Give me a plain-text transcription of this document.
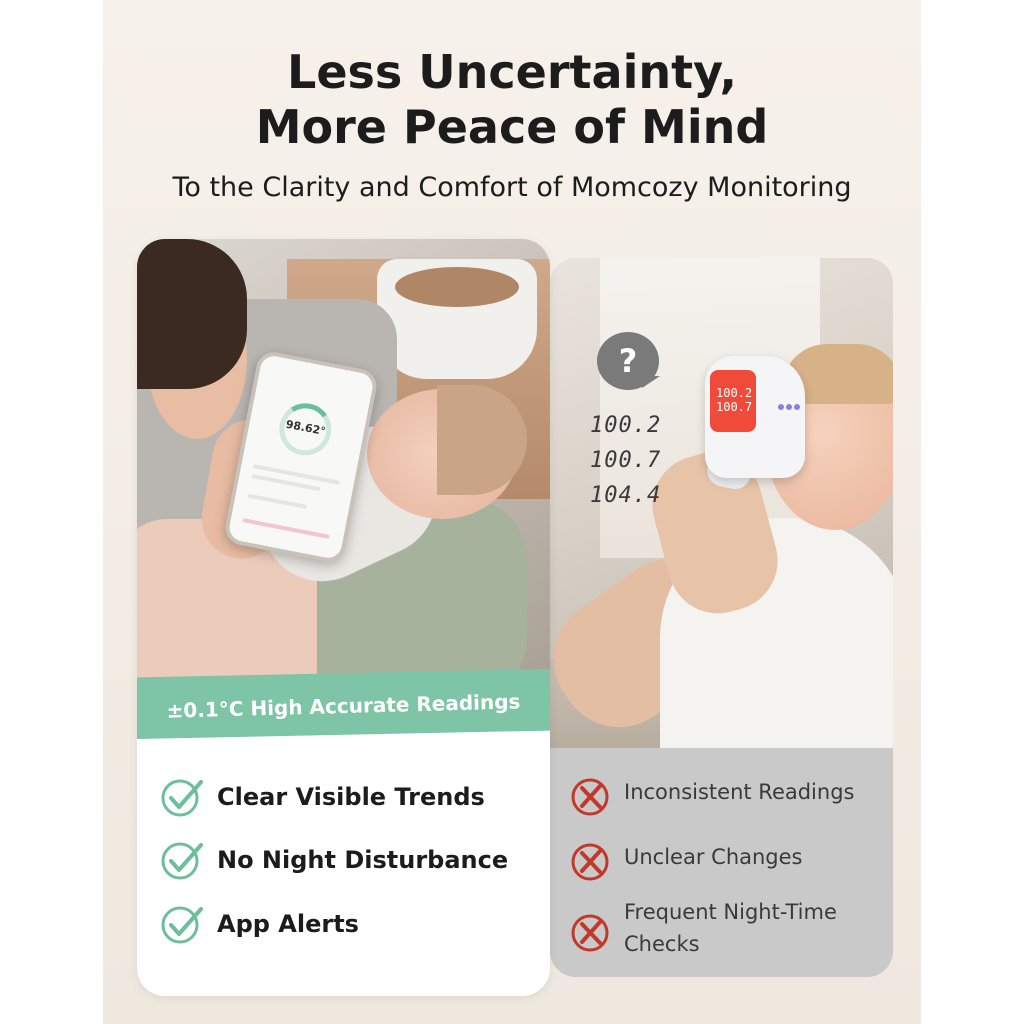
Less Uncertainty,
More Peace of Mind
To the Clarity and Comfort of Momcozy Monitoring
100.2
100.7
?
100.2
100.7
104.4
Inconsistent Readings
Unclear Changes
Frequent Night-Time Checks
98.62°
±0.1°C High Accurate Readings
Clear Visible Trends
No Night Disturbance
App Alerts
